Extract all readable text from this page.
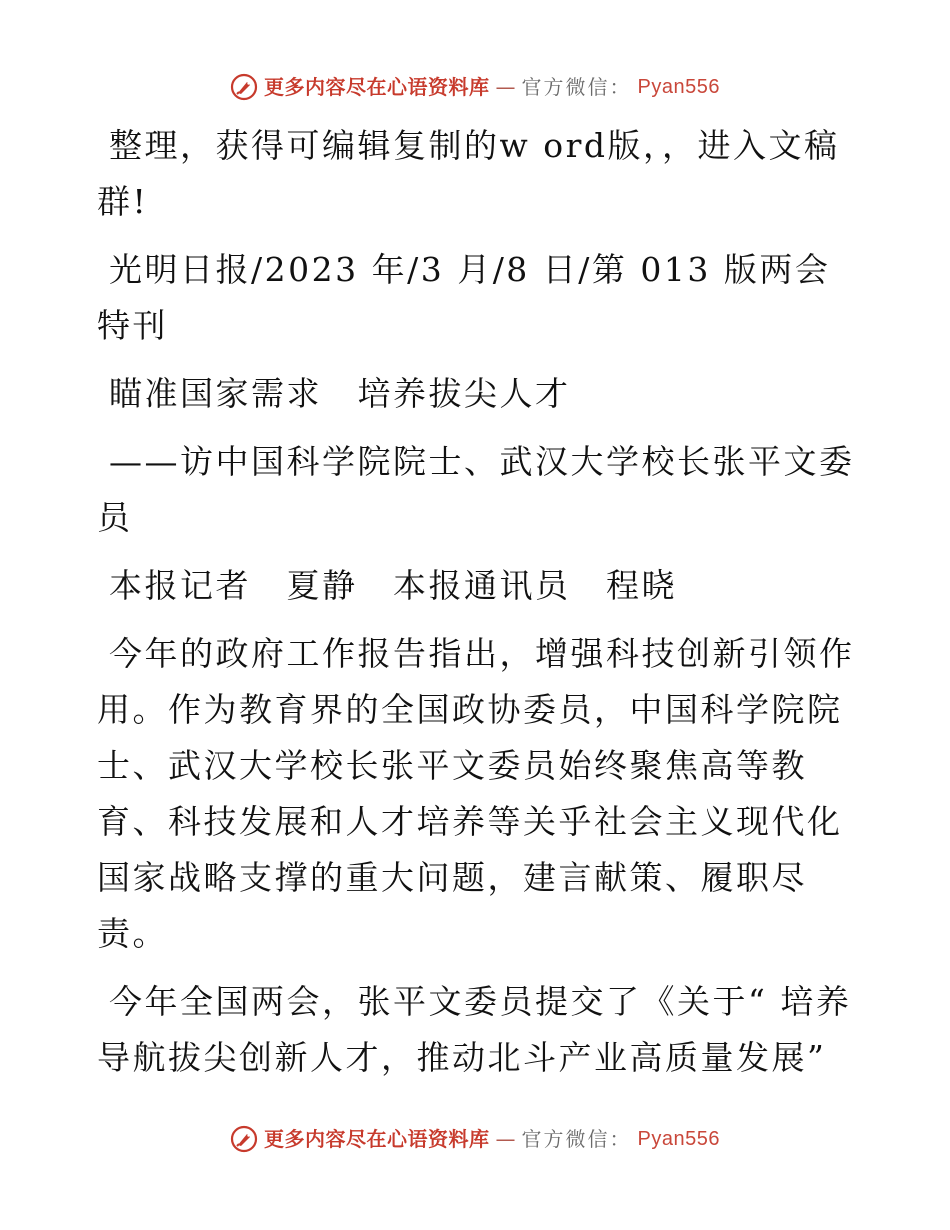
更多内容尽在心语资料库 — 官方微信： Pyan556

整理，获得可编辑复制的w ord版，，进入文稿群!

光明日报/2023 年/3 月/8 日/第 013 版两会特刊

瞄准国家需求　培养拔尖人才

——访中国科学院院士、武汉大学校长张平文委员

本报记者　夏静　本报通讯员　程晓

今年的政府工作报告指出，增强科技创新引领作用。作为教育界的全国政协委员，中国科学院院士、武汉大学校长张平文委员始终聚焦高等教育、科技发展和人才培养等关乎社会主义现代化国家战略支撑的重大问题，建言献策、履职尽责。

今年全国两会，张平文委员提交了《关于“ 培养导航拔尖创新人才，推动北斗产业高质量发展”

更多内容尽在心语资料库 — 官方微信： Pyan556
